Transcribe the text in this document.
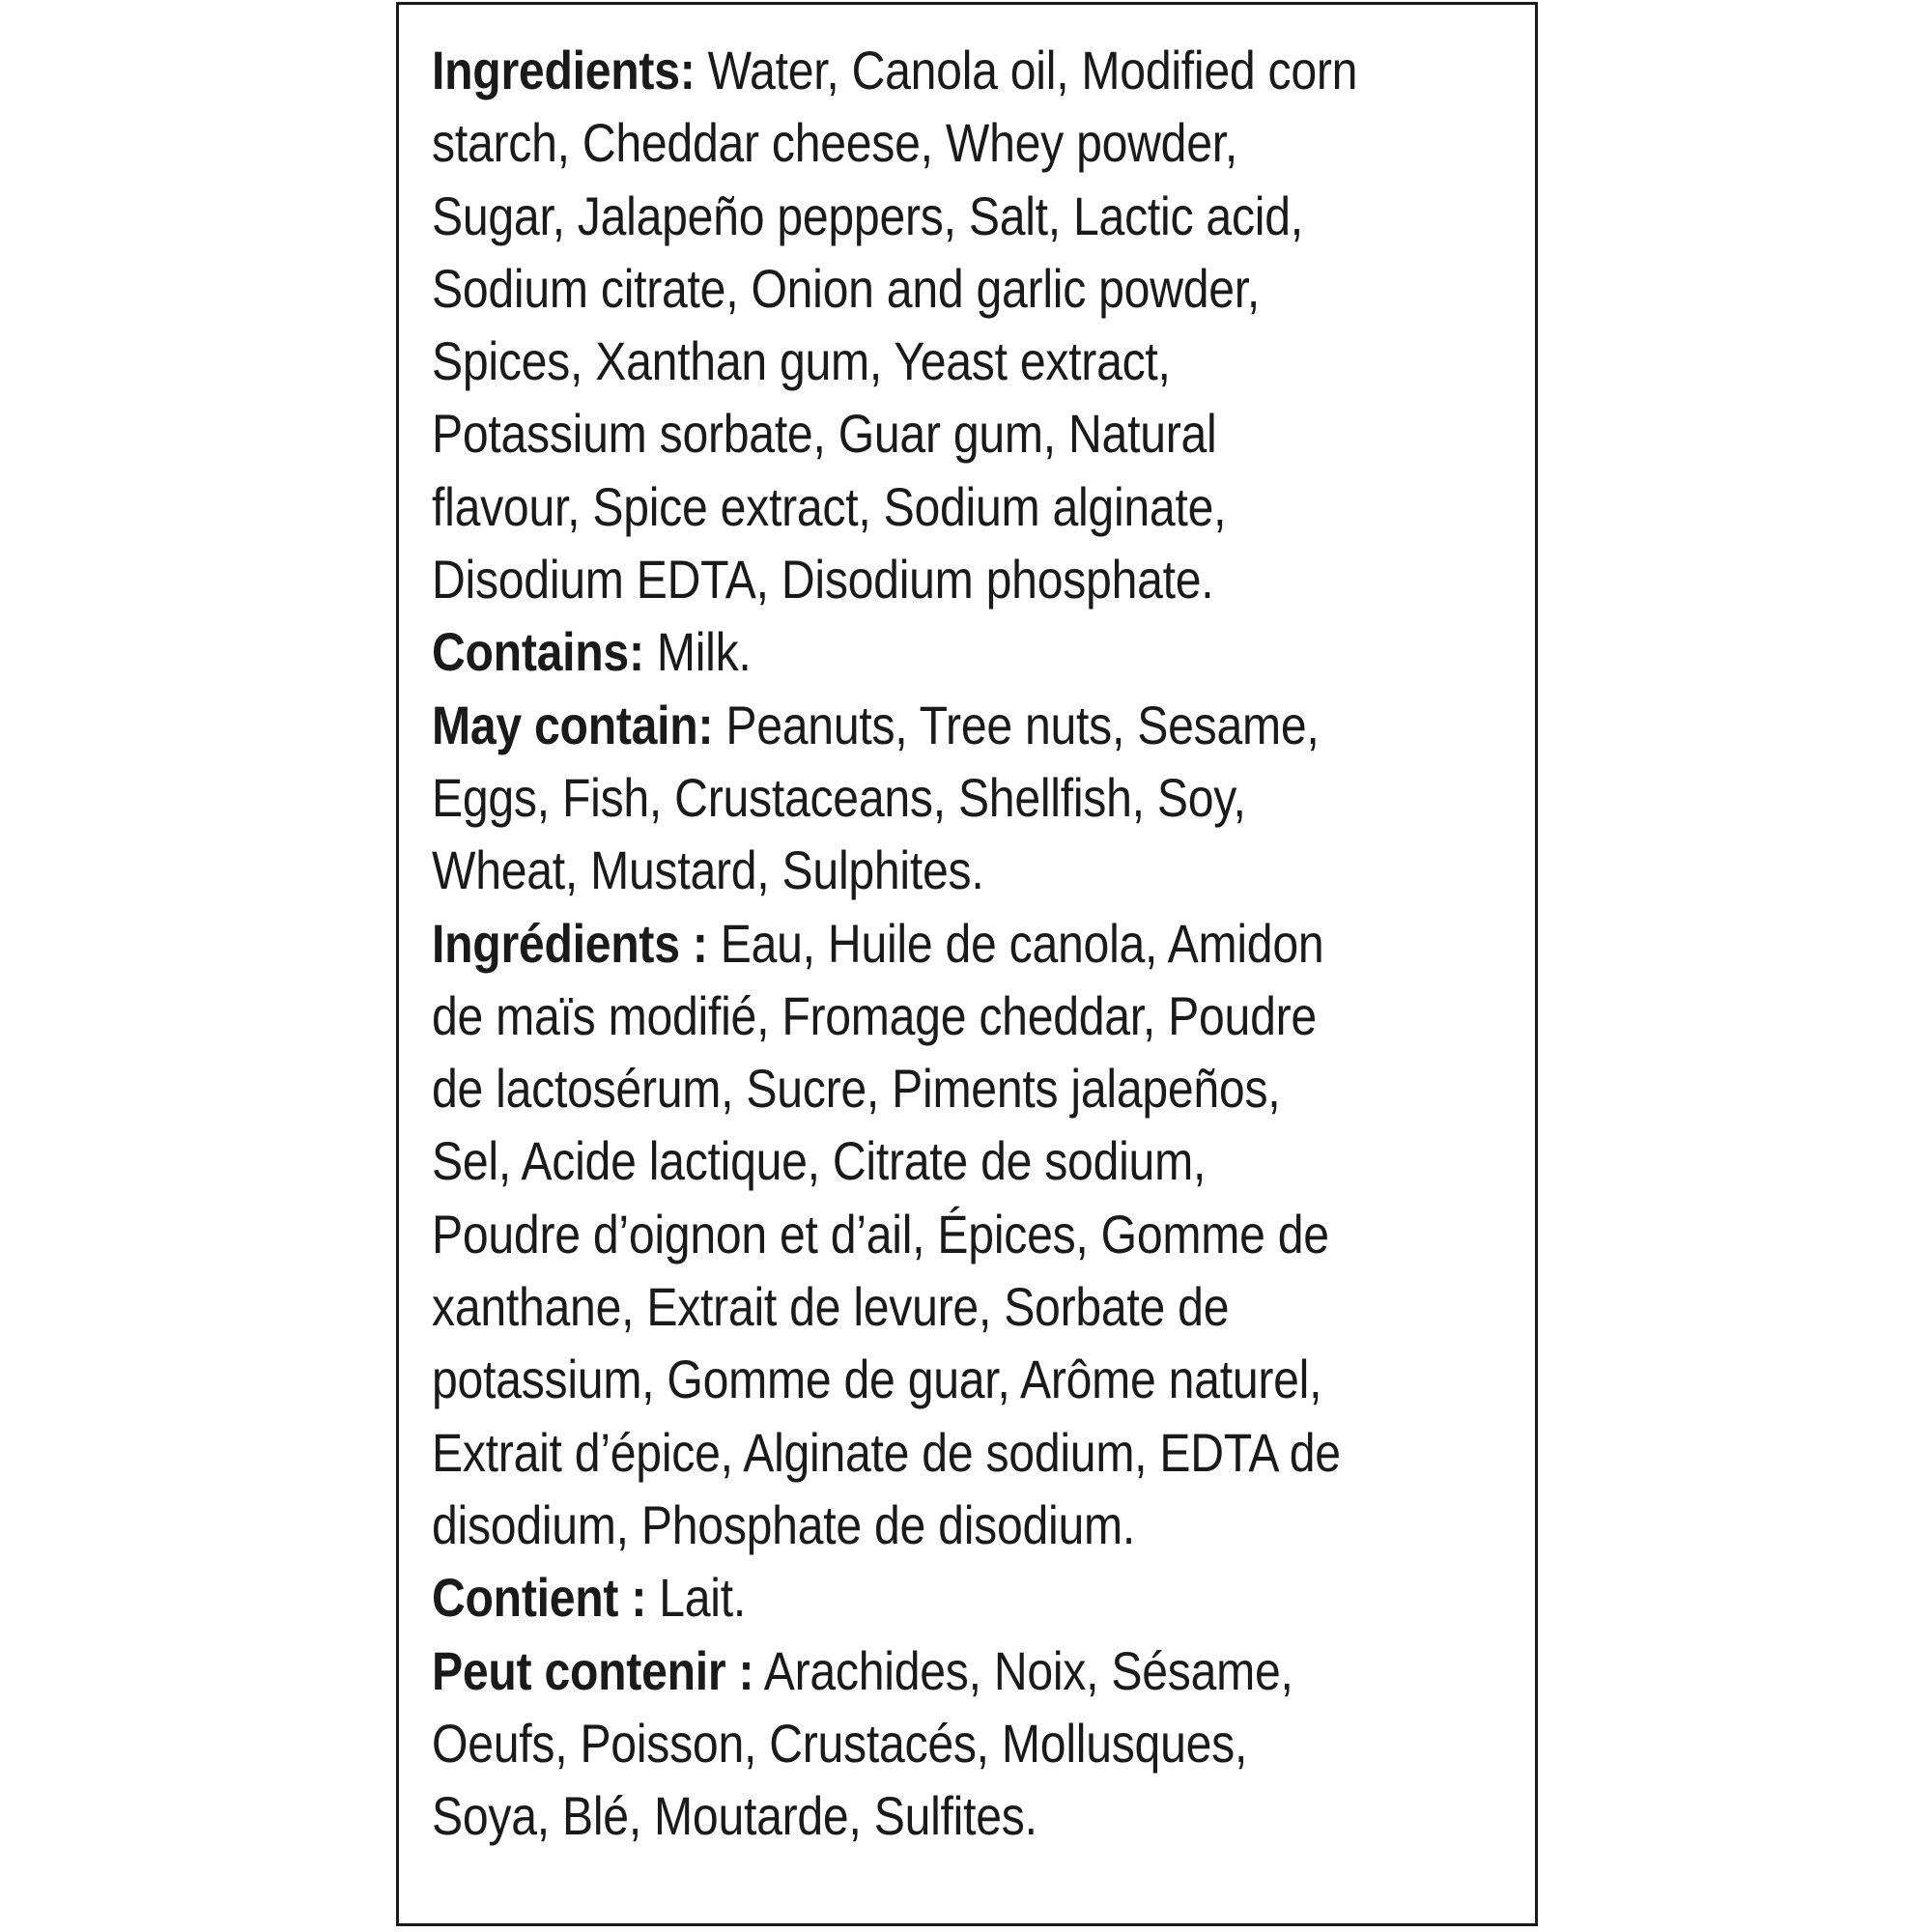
Ingredients: Water, Canola oil, Modified corn starch, Cheddar cheese, Whey powder, Sugar, Jalapeño peppers, Salt, Lactic acid, Sodium citrate, Onion and garlic powder, Spices, Xanthan gum, Yeast extract, Potassium sorbate, Guar gum, Natural flavour, Spice extract, Sodium alginate, Disodium EDTA, Disodium phosphate.

Contains: Milk.

May contain: Peanuts, Tree nuts, Sesame, Eggs, Fish, Crustaceans, Shellfish, Soy, Wheat, Mustard, Sulphites.

Ingrédients : Eau, Huile de canola, Amidon de maïs modifié, Fromage cheddar, Poudre de lactosérum, Sucre, Piments jalapeños, Sel, Acide lactique, Citrate de sodium, Poudre d’oignon et d’ail, Épices, Gomme de xanthane, Extrait de levure, Sorbate de potassium, Gomme de guar, Arôme naturel, Extrait d’épice, Alginate de sodium, EDTA de disodium, Phosphate de disodium.

Contient : Lait.

Peut contenir : Arachides, Noix, Sésame, Oeufs, Poisson, Crustacés, Mollusques, Soya, Blé, Moutarde, Sulfites.
